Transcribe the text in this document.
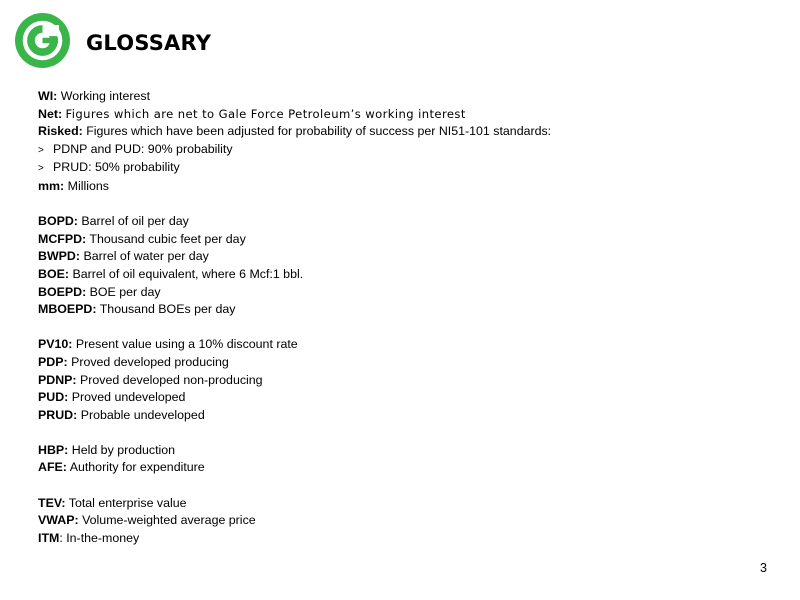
GLOSSARY
WI: Working interest
Net: Figures which are net to Gale Force Petroleum’s working interest
Risked: Figures which have been adjusted for probability of success per NI51-101 standards:
> PDNP and PUD: 90% probability
> PRUD: 50% probability
mm: Millions
BOPD: Barrel of oil per day
MCFPD: Thousand cubic feet per day
BWPD: Barrel of water per day
BOE: Barrel of oil equivalent, where 6 Mcf:1 bbl.
BOEPD: BOE per day
MBOEPD: Thousand BOEs per day
PV10: Present value using a 10% discount rate
PDP: Proved developed producing
PDNP: Proved developed non-producing
PUD: Proved undeveloped
PRUD: Probable undeveloped
HBP: Held by production
AFE: Authority for expenditure
TEV: Total enterprise value
VWAP: Volume-weighted average price
ITM: In-the-money
3
